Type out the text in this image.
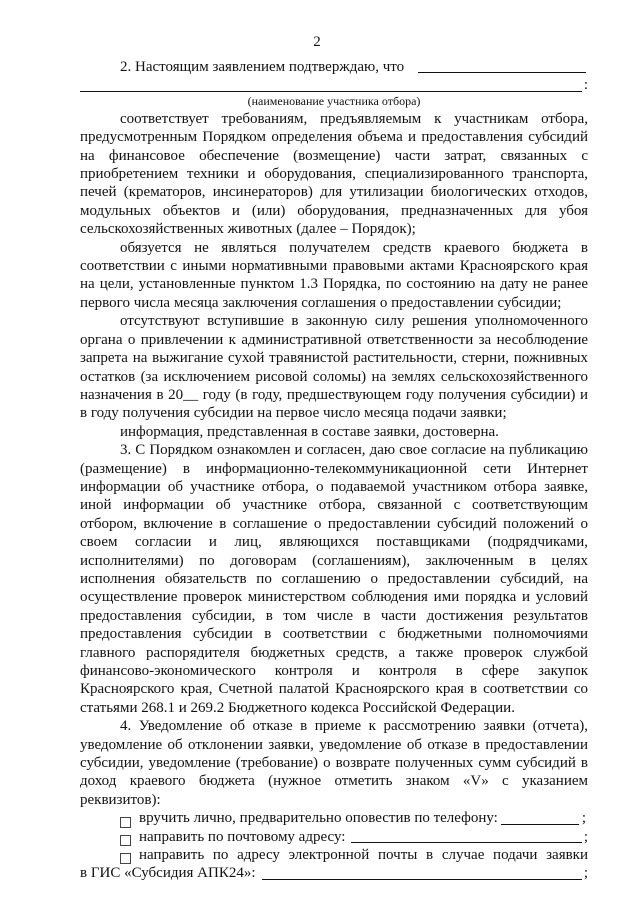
2
2. Настоящим заявлением подтверждаю, что
:
(наименование участника отбора)

соответствует требованиям, предъявляемым к участникам отбора, предусмотренным Порядком определения объема и предоставления субсидий на финансовое обеспечение (возмещение) части затрат, связанных с приобретением техники и оборудования, специализированного транспорта, печей (крематоров, инсинераторов) для утилизации биологических отходов, модульных объектов и (или) оборудования, предназначенных для убоя сельскохозяйственных животных (далее – Порядок);

обязуется не являться получателем средств краевого бюджета в соответствии с иными нормативными правовыми актами Красноярского края на цели, установленные пунктом 1.3 Порядка, по состоянию на дату не ранее первого числа месяца заключения соглашения о предоставлении субсидии;

отсутствуют вступившие в законную силу решения уполномоченного органа о привлечении к административной ответственности за несоблюдение запрета на выжигание сухой травянистой растительности, стерни, пожнивных остатков (за исключением рисовой соломы) на землях сельскохозяйственного назначения в 20__ году (в году, предшествующем году получения субсидии) и в году получения субсидии на первое число месяца подачи заявки;

информация, представленная в составе заявки, достоверна.

3. С Порядком ознакомлен и согласен, даю свое согласие на публикацию (размещение) в информационно-телекоммуникационной сети Интернет информации об участнике отбора, о подаваемой участником отбора заявке, иной информации об участнике отбора, связанной с соответствующим отбором, включение в соглашение о предоставлении субсидий положений о своем согласии и лиц, являющихся поставщиками (подрядчиками, исполнителями) по договорам (соглашениям), заключенным в целях исполнения обязательств по соглашению о предоставлении субсидий, на осуществление проверок министерством соблюдения ими порядка и условий предоставления субсидии, в том числе в части достижения результатов предоставления субсидии в соответствии с бюджетными полномочиями главного распорядителя бюджетных средств, а также проверок службой финансово-экономического контроля и контроля в сфере закупок Красноярского края, Счетной палатой Красноярского края в соответствии со статьями 268.1 и 269.2 Бюджетного кодекса Российской Федерации.

4. Уведомление об отказе в приеме к рассмотрению заявки (отчета), уведомление об отклонении заявки, уведомление об отказе в предоставлении субсидии, уведомление (требование) о возврате полученных сумм субсидий в доход краевого бюджета (нужное отметить знаком «V» с указанием реквизитов):

вручить лично, предварительно оповестив по телефону:	;
направить по почтовому адресу:	;
направить по адресу электронной почты в случае подачи заявки
в ГИС «Субсидия АПК24»:	;
